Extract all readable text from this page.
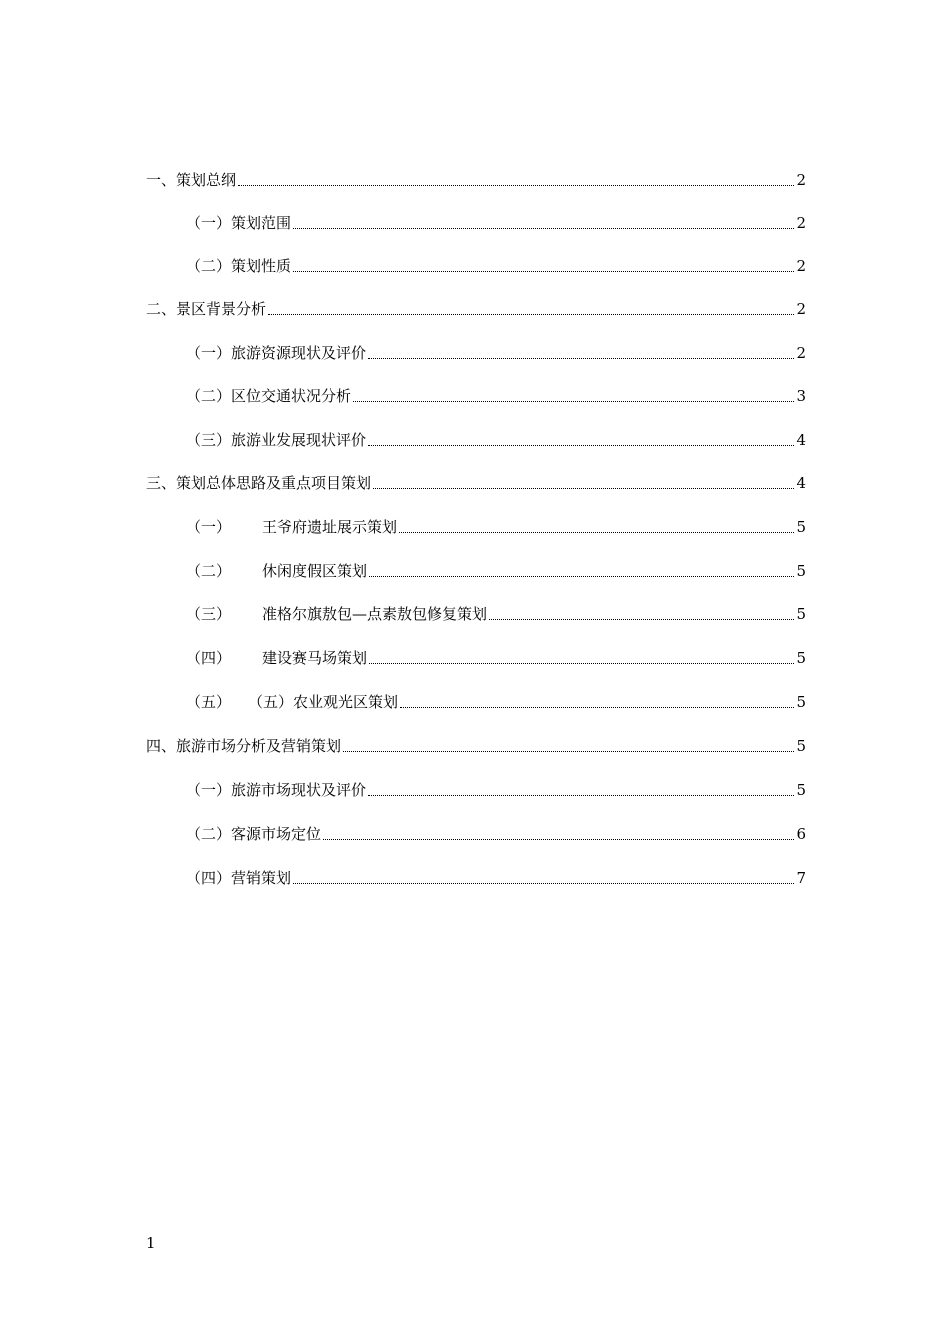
一、 策划总纲	2
（一） 策划范围	2
（二） 策划性质	2
二、 景区背景分析	2
（一） 旅游资源现状及评价	2
（二） 区位交通状况分析	3
（三） 旅游业发展现状评价	4
三、 策划总体思路及重点项目策划	4
（一）	王爷府遗址展示策划	5
（二）	休闲度假区策划	5
（三）	准格尔旗敖包—点素敖包修复策划	5
（四）	建设赛马场策划	5
（五）	（五）农业观光区策划	5
四、 旅游市场分析及营销策划	5
（一） 旅游市场现状及评价	5
（二） 客源市场定位	6
（四） 营销策划	7
1
